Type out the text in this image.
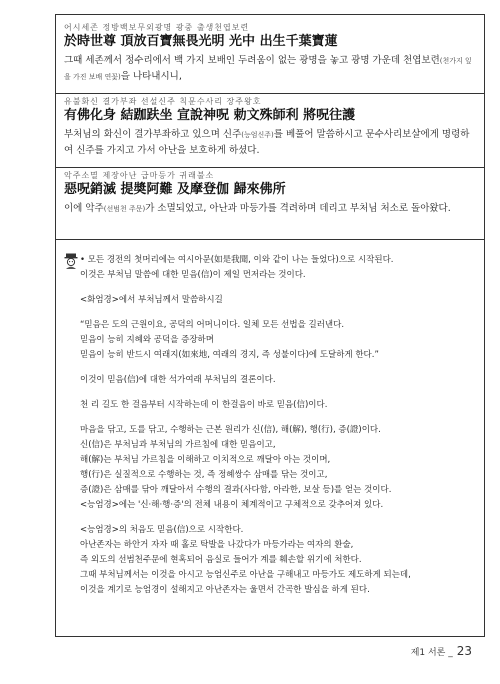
어시세존 정방백보무외광명 광중 출생천엽보련

於時世尊 頂放百寶無畏光明 光中 出生千葉寶蓮

그때 세존께서 정수리에서 백 가지 보배인 두려움이 없는 광명을 놓고 광명 가운데 천엽보련(천가지 잎을 가진 보배 연꽃)을 나타내시니,

유불화신 결가부좌 선설신주 칙문수사리 장주왕호

有佛化身 結跏趺坐 宣說神呪 勅文殊師利 將呪往護

부처님의 화신이 결가부좌하고 있으며 신주(능엄신주)를 베풀어 말씀하시고 문수사리보살에게 명령하여 신주를 가지고 가서 아난을 보호하게 하셨다.

악주소멸 제장아난 급마등가 귀래불소

惡呪銷滅 提奬阿難 及摩登伽 歸來佛所

이에 악주(선범천 주문)가 소멸되었고, 아난과 마등가를 격려하며 데리고 부처님 처소로 돌아왔다.

• 모든 경전의 첫머리에는 여시아문(如是我聞, 이와 같이 나는 들었다)으로 시작된다.

이것은 부처님 말씀에 대한 믿음(信)이 제일 먼저라는 것이다.

<화엄경>에서 부처님께서 말씀하시길

“믿음은 도의 근원이요, 공덕의 어머니이다. 일체 모든 선법을 길러낸다.

믿음이 능히 지혜와 공덕을 증장하며

믿음이 능히 반드시 여래지(如來地, 여래의 경지, 즉 성불이다)에 도달하게 한다.”

이것이 믿음(信)에 대한 석가여래 부처님의 결론이다.

천 리 길도 한 걸음부터 시작하는데 이 한걸음이 바로 믿음(信)이다.

마음을 닦고, 도를 닦고, 수행하는 근본 원리가 신(信), 해(解), 행(行), 증(證)이다.

신(信)은 부처님과 부처님의 가르침에 대한 믿음이고,

해(解)는 부처님 가르침을 이해하고 이치적으로 깨달아 아는 것이며,

행(行)은 실질적으로 수행하는 것, 즉 정혜쌍수 삼매를 닦는 것이고,

증(證)은 삼매를 닦아 깨달아서 수행의 결과(사다함, 아라한, 보살 등)를 얻는 것이다.

<능엄경>에는 '신·해·행·증'의 전체 내용이 체계적이고 구체적으로 갖추어져 있다.

<능엄경>의 처음도 믿음(信)으로 시작한다.

아난존자는 하안거 자자 때 홀로 탁발을 나갔다가 마등가라는 여자의 환술,

즉 외도의 선범천주문에 현혹되어 음실로 들어가 계를 훼손할 위기에 처한다.

그때 부처님께서는 이것을 아시고 능엄신주로 아난을 구해내고 마등가도 제도하게 되는데,

이것을 계기로 능엄경이 설해지고 아난존자는 울면서 간곡한 발심을 하게 된다.

제1 서론 _ 23
